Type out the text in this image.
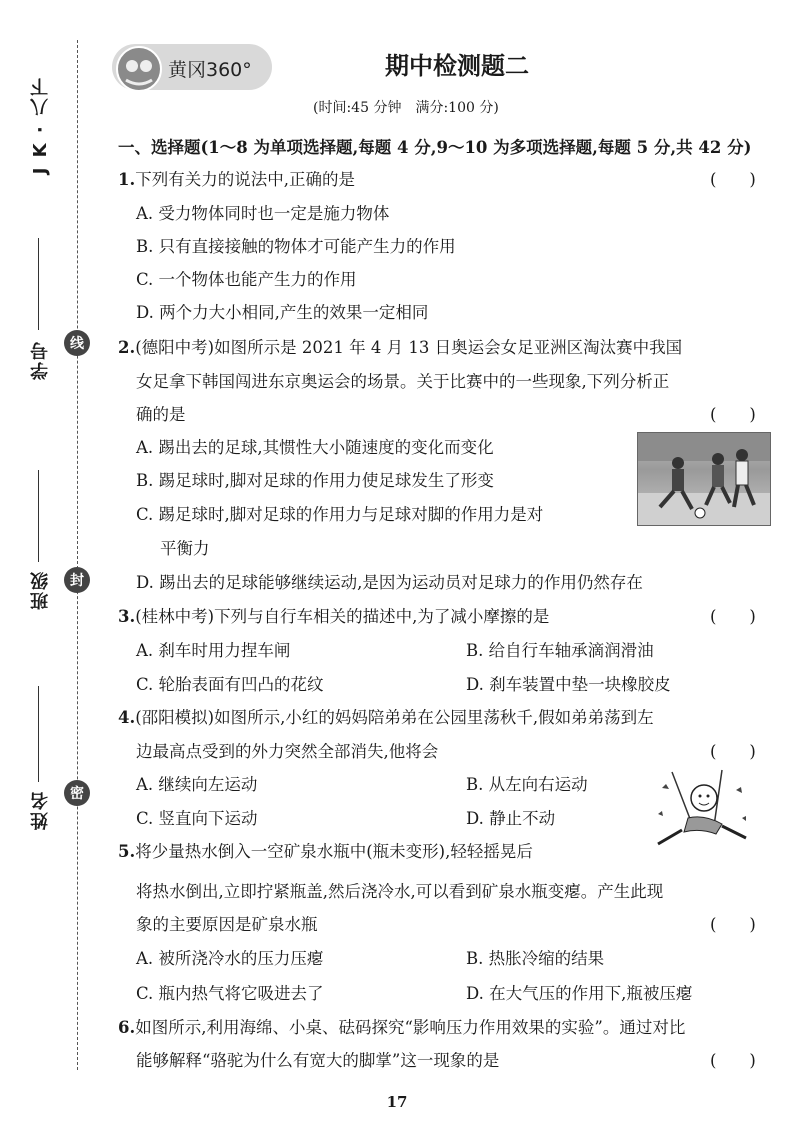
J K · 八下
学号
班级
姓名
线
封
密
黄冈360°	期中检测题二
(时间:45 分钟　满分:100 分)
一、选择题(1～8 为单项选择题,每题 4 分,9～10 为多项选择题,每题 5 分,共 42 分)
1.下列有关力的说法中,正确的是	(　　)
A. 受力物体同时也一定是施力物体
B. 只有直接接触的物体才可能产生力的作用
C. 一个物体也能产生力的作用
D. 两个力大小相同,产生的效果一定相同
2.(德阳中考)如图所示是 2021 年 4 月 13 日奥运会女足亚洲区淘汰赛中我国
女足拿下韩国闯进东京奥运会的场景。关于比赛中的一些现象,下列分析正
确的是	(　　)
A. 踢出去的足球,其惯性大小随速度的变化而变化
B. 踢足球时,脚对足球的作用力使足球发生了形变
C. 踢足球时,脚对足球的作用力与足球对脚的作用力是对
平衡力
D. 踢出去的足球能够继续运动,是因为运动员对足球力的作用仍然存在
3.(桂林中考)下列与自行车相关的描述中,为了减小摩擦的是	(　　)
A. 刹车时用力捏车闸	B. 给自行车轴承滴润滑油
C. 轮胎表面有凹凸的花纹	D. 刹车装置中垫一块橡胶皮
4.(邵阳模拟)如图所示,小红的妈妈陪弟弟在公园里荡秋千,假如弟弟荡到左
边最高点受到的外力突然全部消失,他将会	(　　)
A. 继续向左运动	B. 从左向右运动
C. 竖直向下运动	D. 静止不动
5.将少量热水倒入一空矿泉水瓶中(瓶未变形),轻轻摇晃后
将热水倒出,立即拧紧瓶盖,然后浇冷水,可以看到矿泉水瓶变瘪。产生此现
象的主要原因是矿泉水瓶	(　　)
A. 被所浇冷水的压力压瘪	B. 热胀冷缩的结果
C. 瓶内热气将它吸进去了	D. 在大气压的作用下,瓶被压瘪
6.如图所示,利用海绵、小桌、砝码探究“影响压力作用效果的实验”。通过对比
能够解释“骆驼为什么有宽大的脚掌”这一现象的是	(　　)
17
